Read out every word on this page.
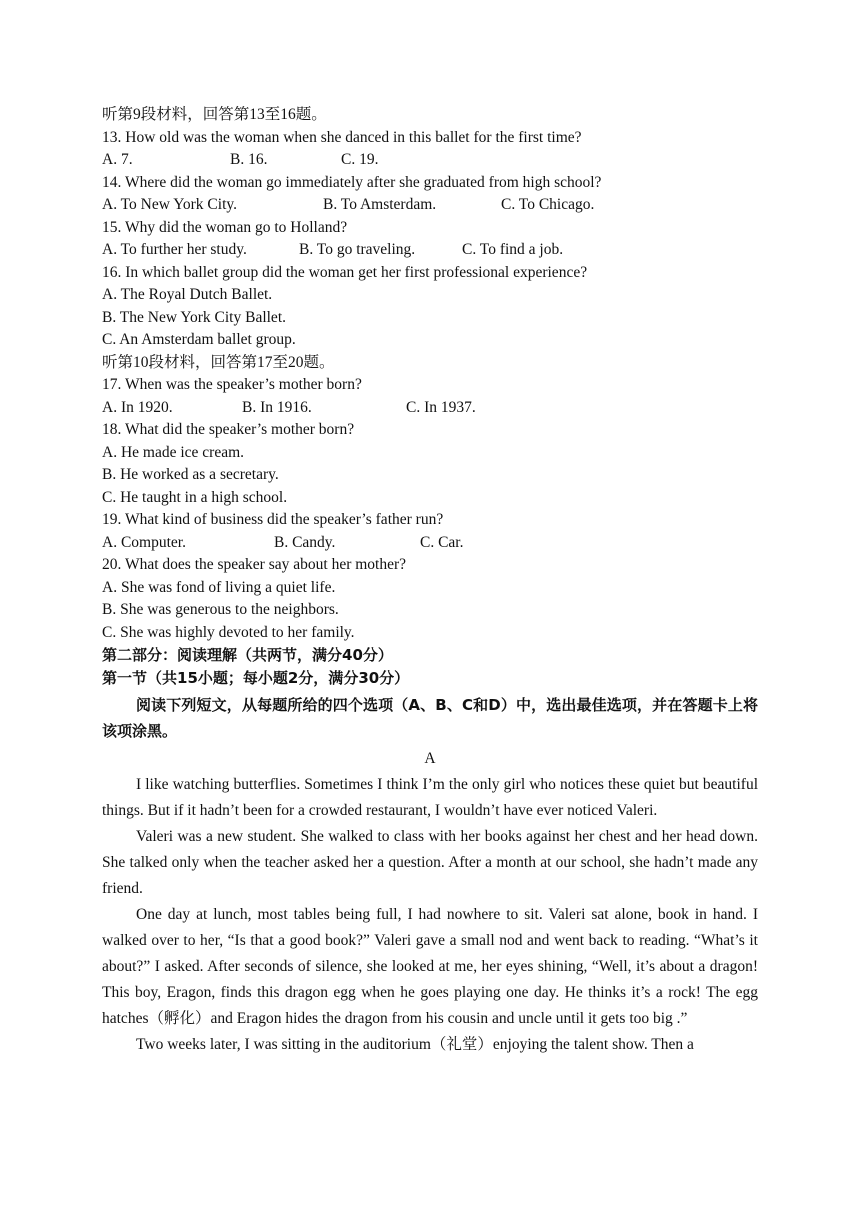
听第9段材料，回答第13至16题。
13. How old was the woman when she danced in this ballet for the first time?
A. 7.	B. 16.	C. 19.
14. Where did the woman go immediately after she graduated from high school?
A. To New York City.	B. To Amsterdam.	C. To Chicago.
15. Why did the woman go to Holland?
A. To further her study.	B. To go traveling.	C. To find a job.
16. In which ballet group did the woman get her first professional experience?
A. The Royal Dutch Ballet.
B. The New York City Ballet.
C. An Amsterdam ballet group.
听第10段材料，回答第17至20题。
17. When was the speaker’s mother born?
A. In 1920.	B. In 1916.	C. In 1937.
18. What did the speaker’s mother born?
A. He made ice cream.
B. He worked as a secretary.
C. He taught in a high school.
19. What kind of business did the speaker’s father run?
A. Computer.	B. Candy.	C. Car.
20. What does the speaker say about her mother?
A. She was fond of living a quiet life.
B. She was generous to the neighbors.
C. She was highly devoted to her family.
第二部分：阅读理解（共两节，满分40分）
第一节（共15小题；每小题2分，满分30分）

阅读下列短文，从每题所给的四个选项（A、B、C和D）中，选出最佳选项，并在答题卡上将该项涂黑。

A

I like watching butterflies. Sometimes I think I’m the only girl who notices these quiet but beautiful things. But if it hadn’t been for a crowded restaurant, I wouldn’t have ever noticed Valeri.

Valeri was a new student. She walked to class with her books against her chest and her head down. She talked only when the teacher asked her a question. After a month at our school, she hadn’t made any friend.

One day at lunch, most tables being full, I had nowhere to sit. Valeri sat alone, book in hand. I walked over to her, “Is that a good book?” Valeri gave a small nod and went back to reading. “What’s it about?” I asked. After seconds of silence, she looked at me, her eyes shining, “Well, it’s about a dragon! This boy, Eragon, finds this dragon egg when he goes playing one day. He thinks it’s a rock! The egg hatches（孵化）and Eragon hides the dragon from his cousin and uncle until it gets too big .”

Two weeks later, I was sitting in the auditorium（礼堂）enjoying the talent show. Then a
